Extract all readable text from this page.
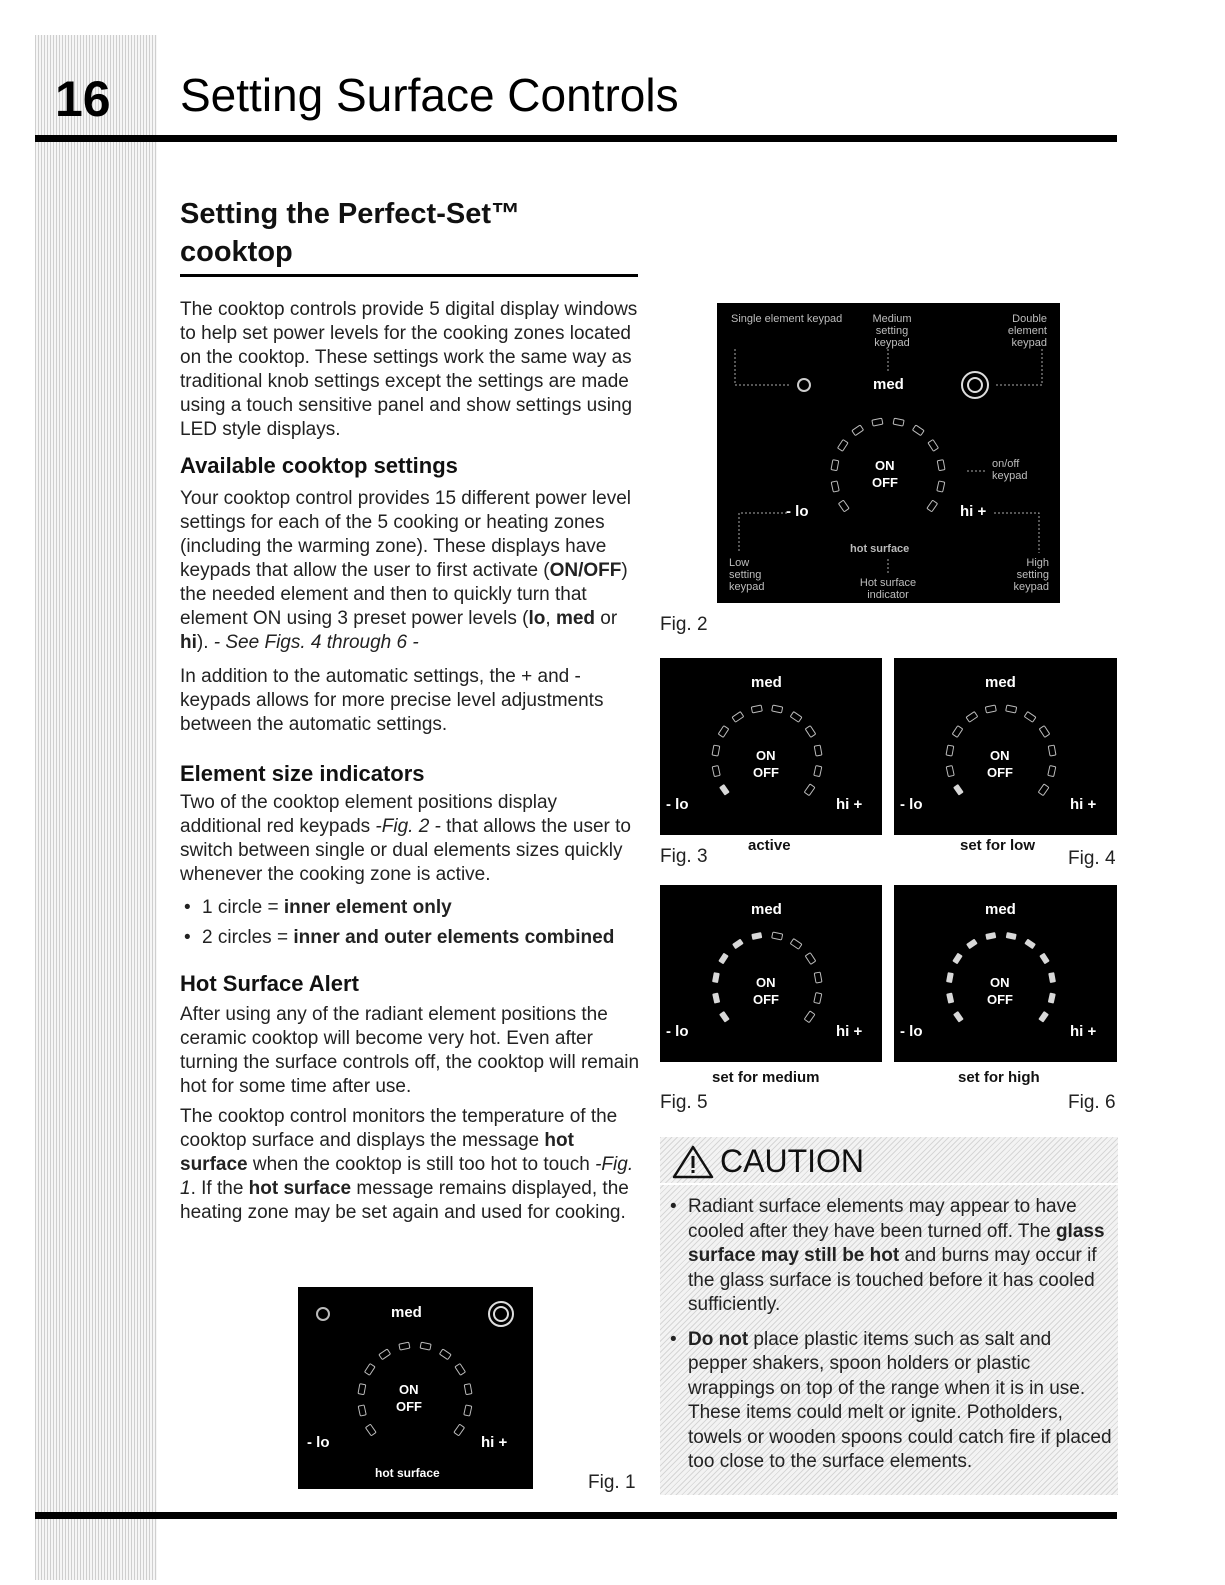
16 Setting Surface Controls
Setting the Perfect-Set™
cooktop

The cooktop controls provide 5 digital display windows to help set power levels for the cooking zones located on the cooktop. These settings work the same way as traditional knob settings except the settings are made using a touch sensitive panel and show settings using LED style displays.

Available cooktop settings

Your cooktop control provides 15 different power level settings for each of the 5 cooking or heating zones (including the warming zone). These displays have keypads that allow the user to first activate (ON/OFF) the needed element and then to quickly turn that element ON using 3 preset power levels (lo, med or hi). - See Figs. 4 through 6 -

In addition to the automatic settings, the + and - keypads allows for more precise level adjustments between the automatic settings.

Element size indicators

Two of the cooktop element positions display additional red keypads -Fig. 2 - that allows the user to switch between single or dual elements sizes quickly whenever the cooking zone is active.

• 1 circle = inner element only
• 2 circles = inner and outer elements combined
Hot Surface Alert

After using any of the radiant element positions the ceramic cooktop will become very hot. Even after turning the surface controls off, the cooktop will remain hot for some time after use.

The cooktop control monitors the temperature of the cooktop surface and displays the message hot surface when the cooktop is still too hot to touch -Fig. 1. If the hot surface message remains displayed, the heating zone may be set again and used for cooking.

med
ON
OFF
- lo	hi +
hot surface	Fig. 1
Single element keypad	Medium setting keypad
Double element keypad
med
ON
OFF
on/off keypad
- lo	hi +
hot surface
Low setting keypad	Hot surface indicator
High setting keypad
Fig. 2
med
ON
OFF
- lo	hi +
active
Fig. 3
med
ON
OFF
- lo	hi +
set for low
Fig. 4
med
ON
OFF
- lo	hi +
set for medium
Fig. 5
med
ON
OFF
- lo	hi +
set for high
Fig. 6
CAUTION
• Radiant surface elements may appear to have cooled after they have been turned off. The glass surface may still be hot and burns may occur if the glass surface is touched before it has cooled sufficiently.
• Do not place plastic items such as salt and pepper shakers, spoon holders or plastic wrappings on top of the range when it is in use. These items could melt or ignite. Potholders, towels or wooden spoons could catch fire if placed too close to the surface elements.
